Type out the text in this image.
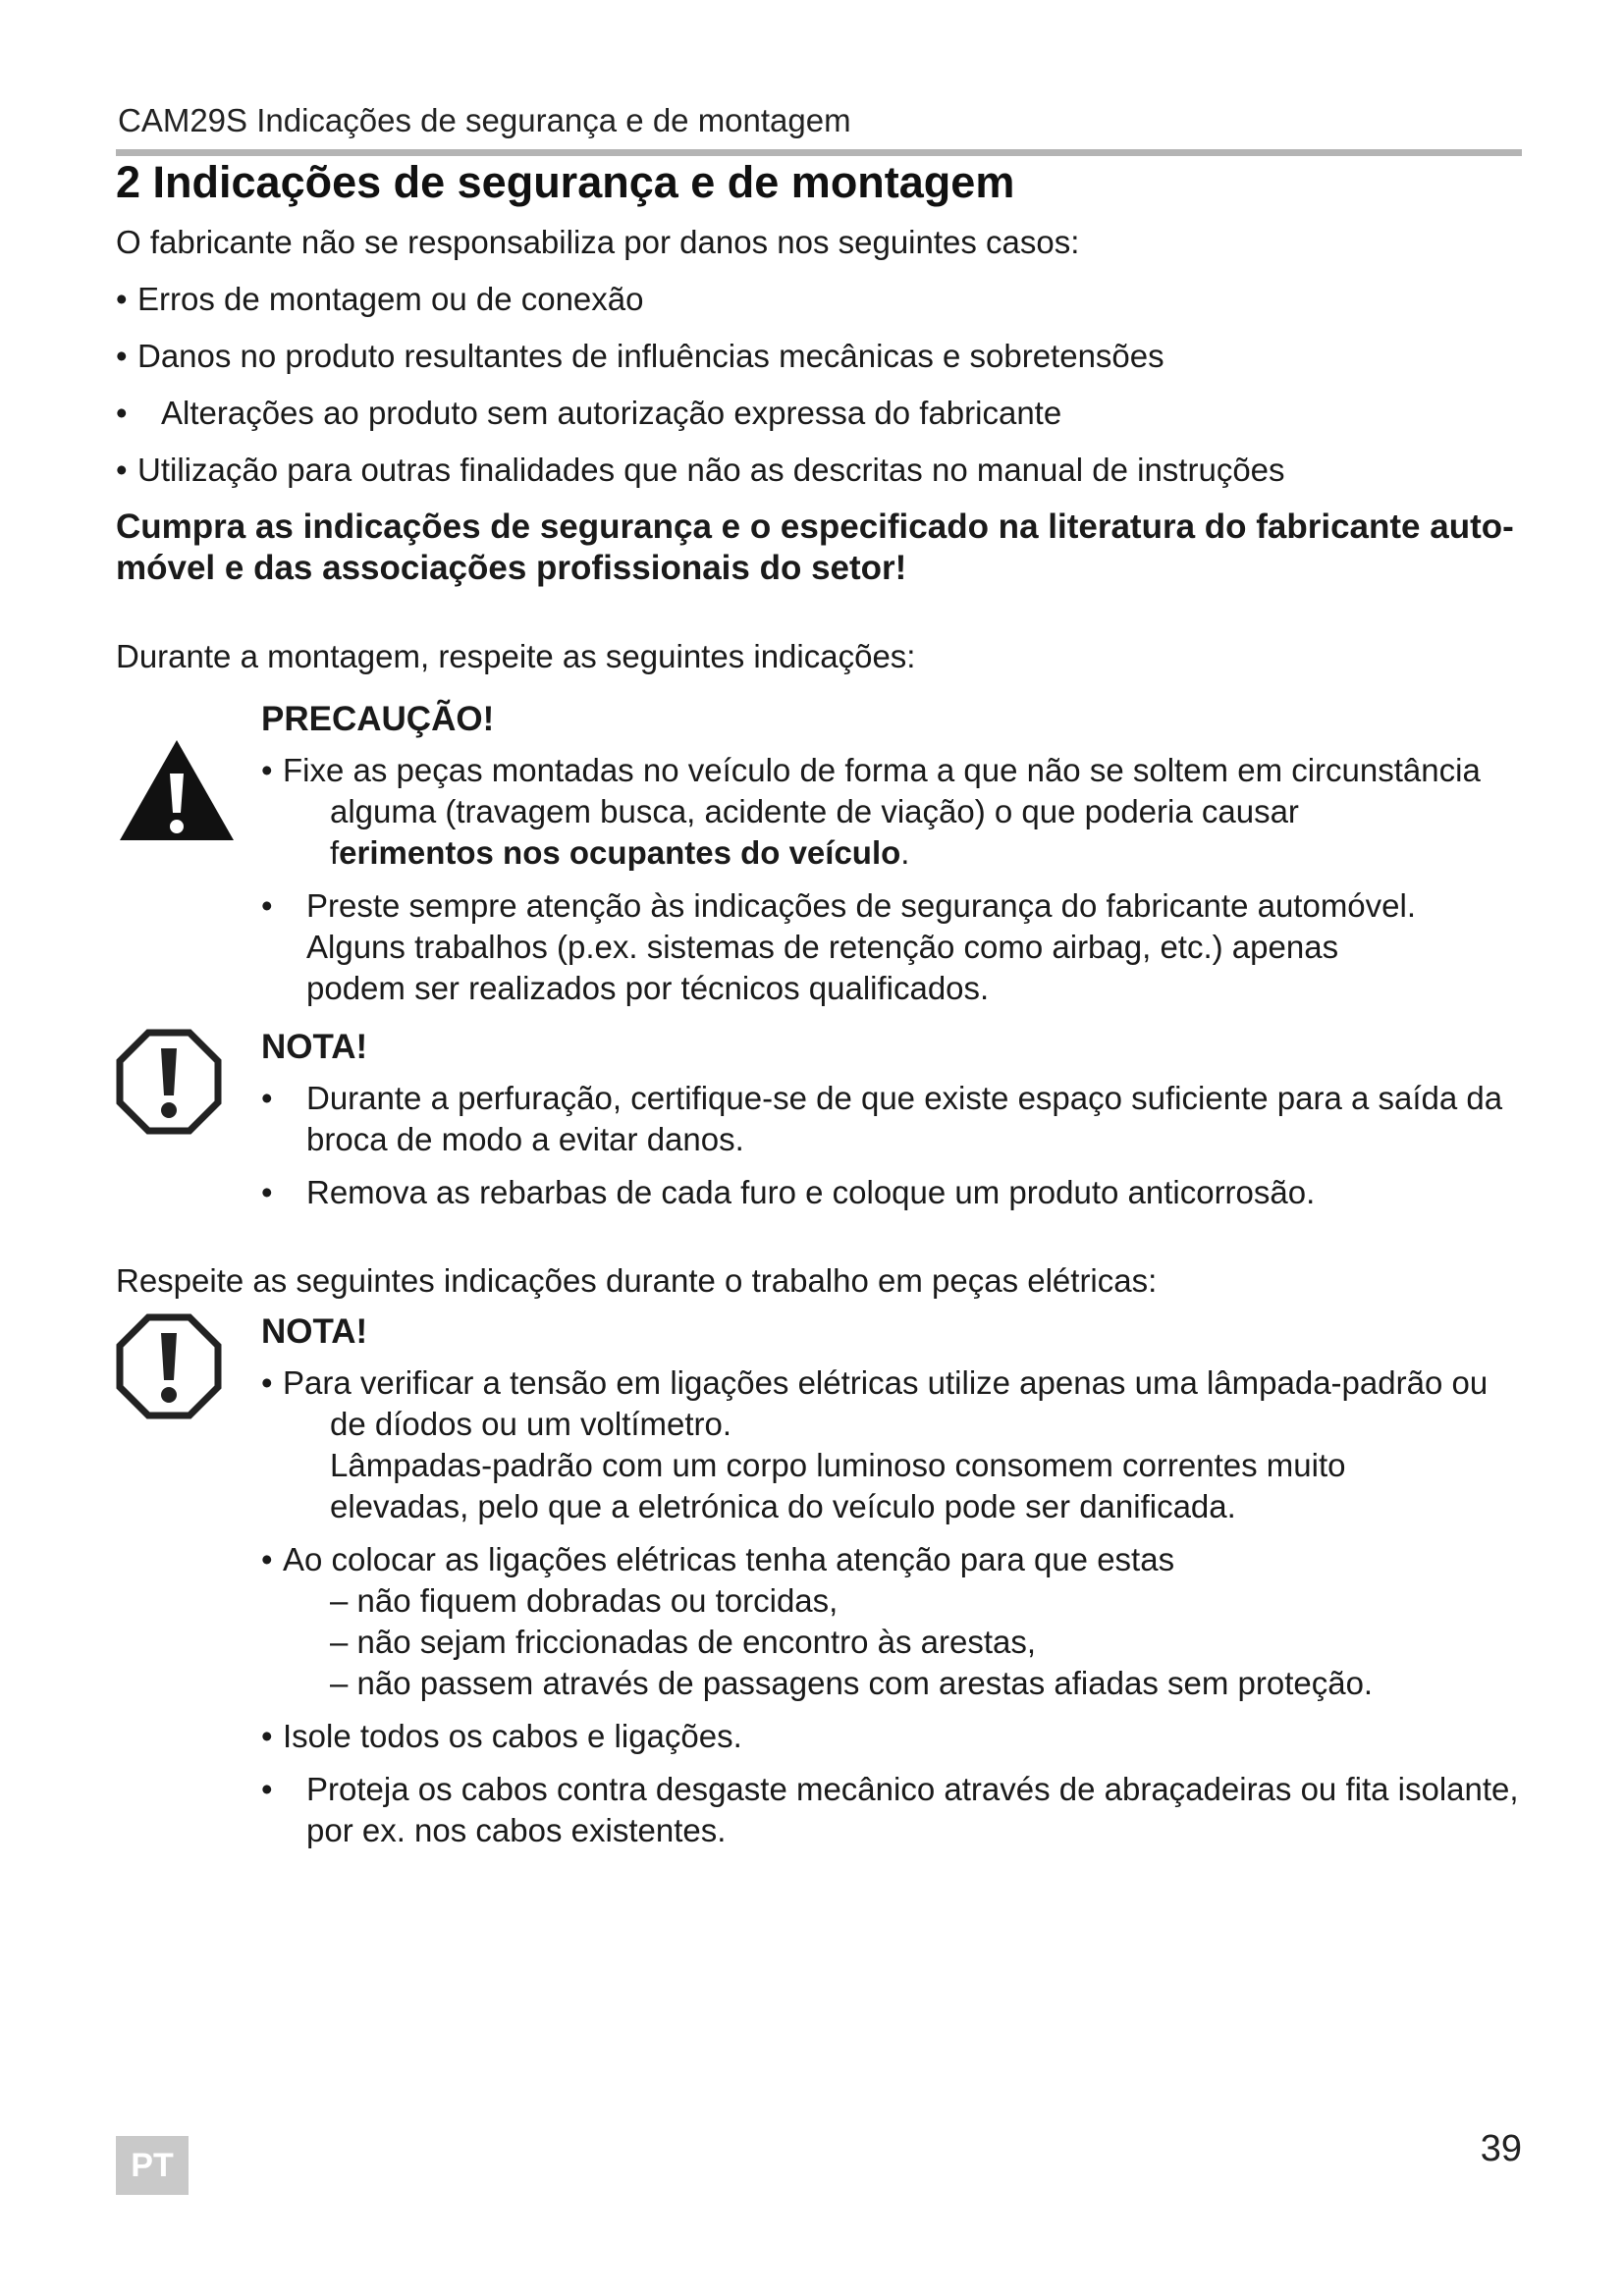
CAM29S Indicações de segurança e de montagem
2 Indicações de segurança e de montagem

O fabricante não se responsabiliza por danos nos seguintes casos:

• Erros de montagem ou de conexão
• Danos no produto resultantes de influências mecânicas e sobretensões
• Alterações ao produto sem autorização expressa do fabricante
• Utilização para outras finalidades que não as descritas no manual de instruções

Cumpra as indicações de segurança e o especificado na literatura do fabricante auto-móvel e das associações profissionais do setor!

Durante a montagem, respeite as seguintes indicações:

PRECAUÇÃO!

• Fixe as peças montadas no veículo de forma a que não se soltem em circunstância
alguma (travagem busca, acidente de viação) o que poderia causar
ferimentos nos ocupantes do veículo.
• Preste sempre atenção às indicações de segurança do fabricante automóvel.
Alguns trabalhos (p.ex. sistemas de retenção como airbag, etc.) apenas
podem ser realizados por técnicos qualificados.

NOTA!

• Durante a perfuração, certifique-se de que existe espaço suficiente para a saída da
broca de modo a evitar danos.
• Remova as rebarbas de cada furo e coloque um produto anticorrosão.

Respeite as seguintes indicações durante o trabalho em peças elétricas:

NOTA!

• Para verificar a tensão em ligações elétricas utilize apenas uma lâmpada-padrão ou
de díodos ou um voltímetro.
Lâmpadas-padrão com um corpo luminoso consomem correntes muito
elevadas, pelo que a eletrónica do veículo pode ser danificada.
• Ao colocar as ligações elétricas tenha atenção para que estas
– não fiquem dobradas ou torcidas,
– não sejam friccionadas de encontro às arestas,
– não passem através de passagens com arestas afiadas sem proteção.
• Isole todos os cabos e ligações.
• Proteja os cabos contra desgaste mecânico através de abraçadeiras ou fita isolante,
por ex. nos cabos existentes.
39
PT
